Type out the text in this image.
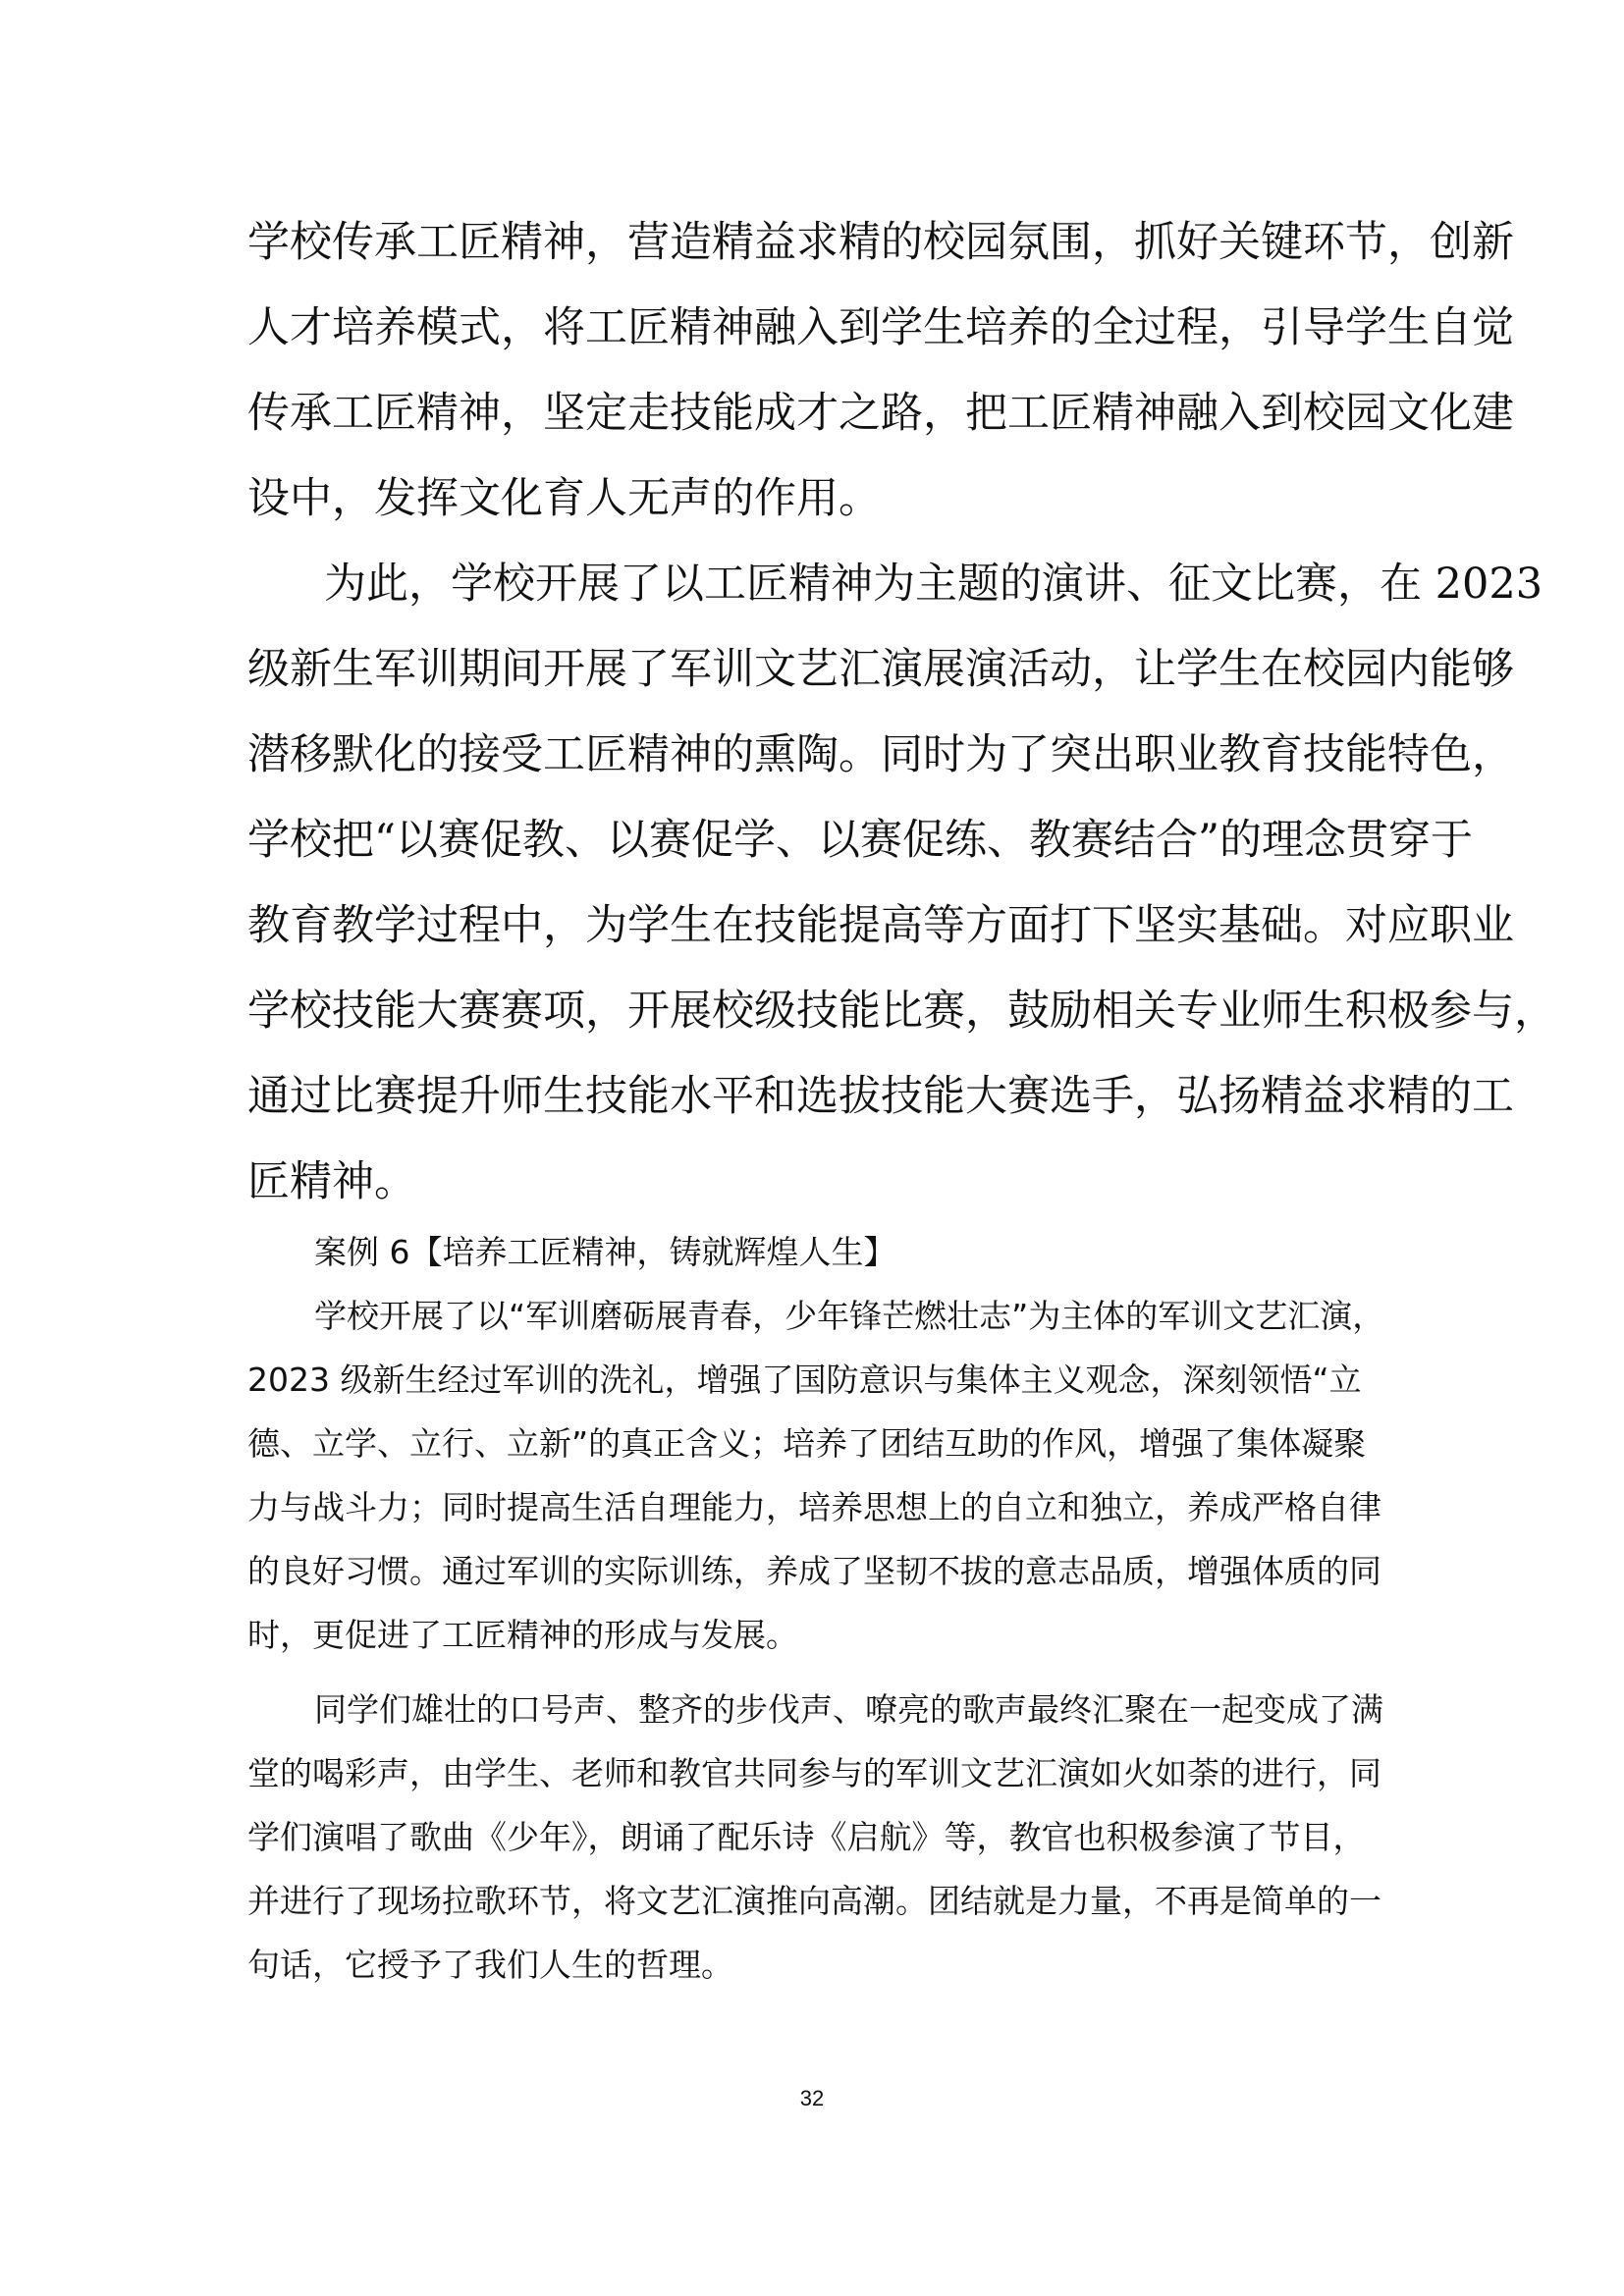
学校传承工匠精神，营造精益求精的校园氛围，抓好关键环节，创新

人才培养模式，将工匠精神融入到学生培养的全过程，引导学生自觉

传承工匠精神，坚定走技能成才之路，把工匠精神融入到校园文化建

设中，发挥文化育人无声的作用。

为此，学校开展了以工匠精神为主题的演讲、征文比赛，在 2023

级新生军训期间开展了军训文艺汇演展演活动，让学生在校园内能够

潜移默化的接受工匠精神的熏陶。同时为了突出职业教育技能特色，

学校把“以赛促教、以赛促学、以赛促练、教赛结合”的理念贯穿于

教育教学过程中，为学生在技能提高等方面打下坚实基础。对应职业

学校技能大赛赛项，开展校级技能比赛，鼓励相关专业师生积极参与，

通过比赛提升师生技能水平和选拔技能大赛选手，弘扬精益求精的工

匠精神。

案例 6【培养工匠精神，铸就辉煌人生】

学校开展了以“军训磨砺展青春，少年锋芒燃壮志”为主体的军训文艺汇演，

2023 级新生经过军训的洗礼，增强了国防意识与集体主义观念，深刻领悟“立

德、立学、立行、立新”的真正含义；培养了团结互助的作风，增强了集体凝聚

力与战斗力；同时提高生活自理能力，培养思想上的自立和独立，养成严格自律

的良好习惯。通过军训的实际训练，养成了坚韧不拔的意志品质，增强体质的同

时，更促进了工匠精神的形成与发展。

同学们雄壮的口号声、整齐的步伐声、嘹亮的歌声最终汇聚在一起变成了满

堂的喝彩声，由学生、老师和教官共同参与的军训文艺汇演如火如荼的进行，同

学们演唱了歌曲《少年》，朗诵了配乐诗《启航》等，教官也积极参演了节目，

并进行了现场拉歌环节，将文艺汇演推向高潮。团结就是力量，不再是简单的一

句话，它授予了我们人生的哲理。

32
